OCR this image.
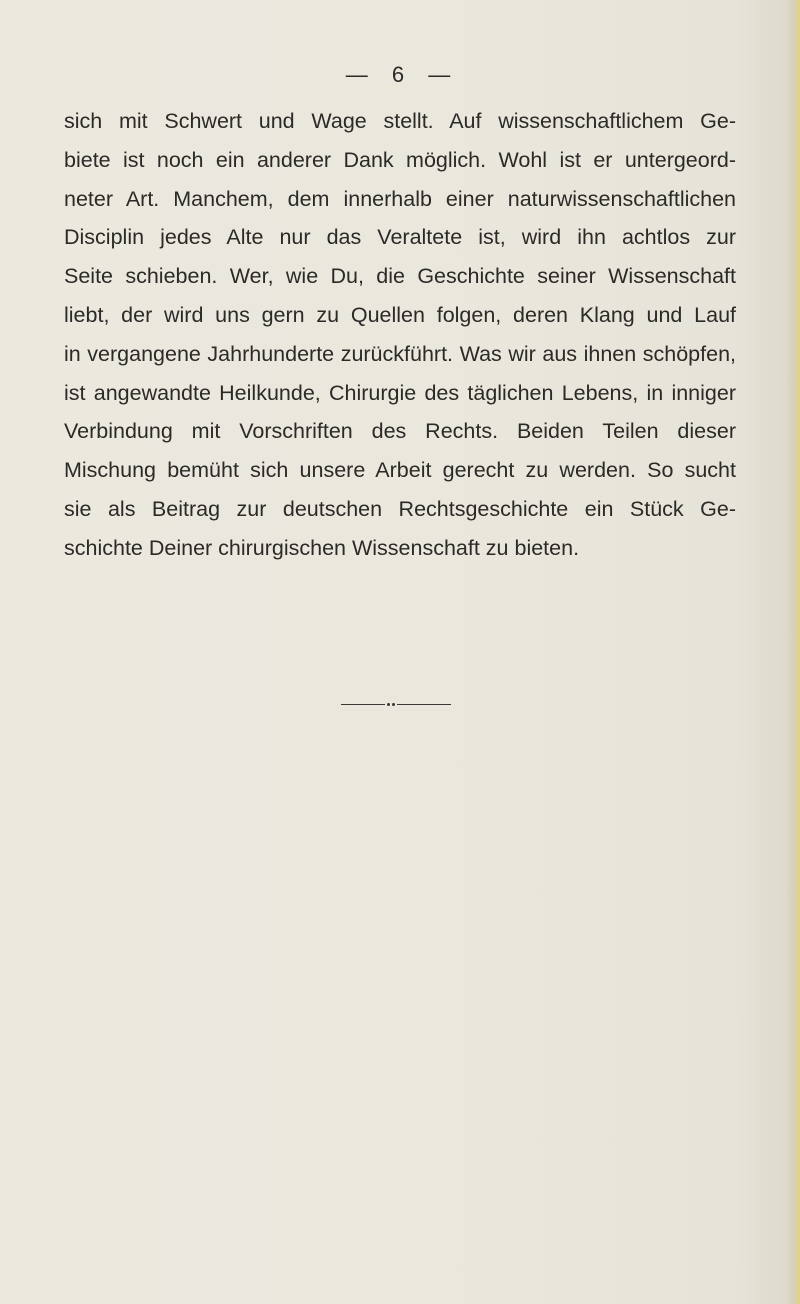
— 6 —
sich mit Schwert und Wage stellt. Auf wissenschaftlichem Ge-
biete ist noch ein anderer Dank möglich. Wohl ist er untergeord-
neter Art. Manchem, dem innerhalb einer naturwissenschaftlichen
Disciplin jedes Alte nur das Veraltete ist, wird ihn achtlos zur
Seite schieben. Wer, wie Du, die Geschichte seiner Wissenschaft
liebt, der wird uns gern zu Quellen folgen, deren Klang und Lauf
in vergangene Jahrhunderte zurückführt. Was wir aus ihnen schöpfen,
ist angewandte Heilkunde, Chirurgie des täglichen Lebens, in inniger
Verbindung mit Vorschriften des Rechts. Beiden Teilen dieser
Mischung bemüht sich unsere Arbeit gerecht zu werden. So sucht
sie als Beitrag zur deutschen Rechtsgeschichte ein Stück Ge-
schichte Deiner chirurgischen Wissenschaft zu bieten.
